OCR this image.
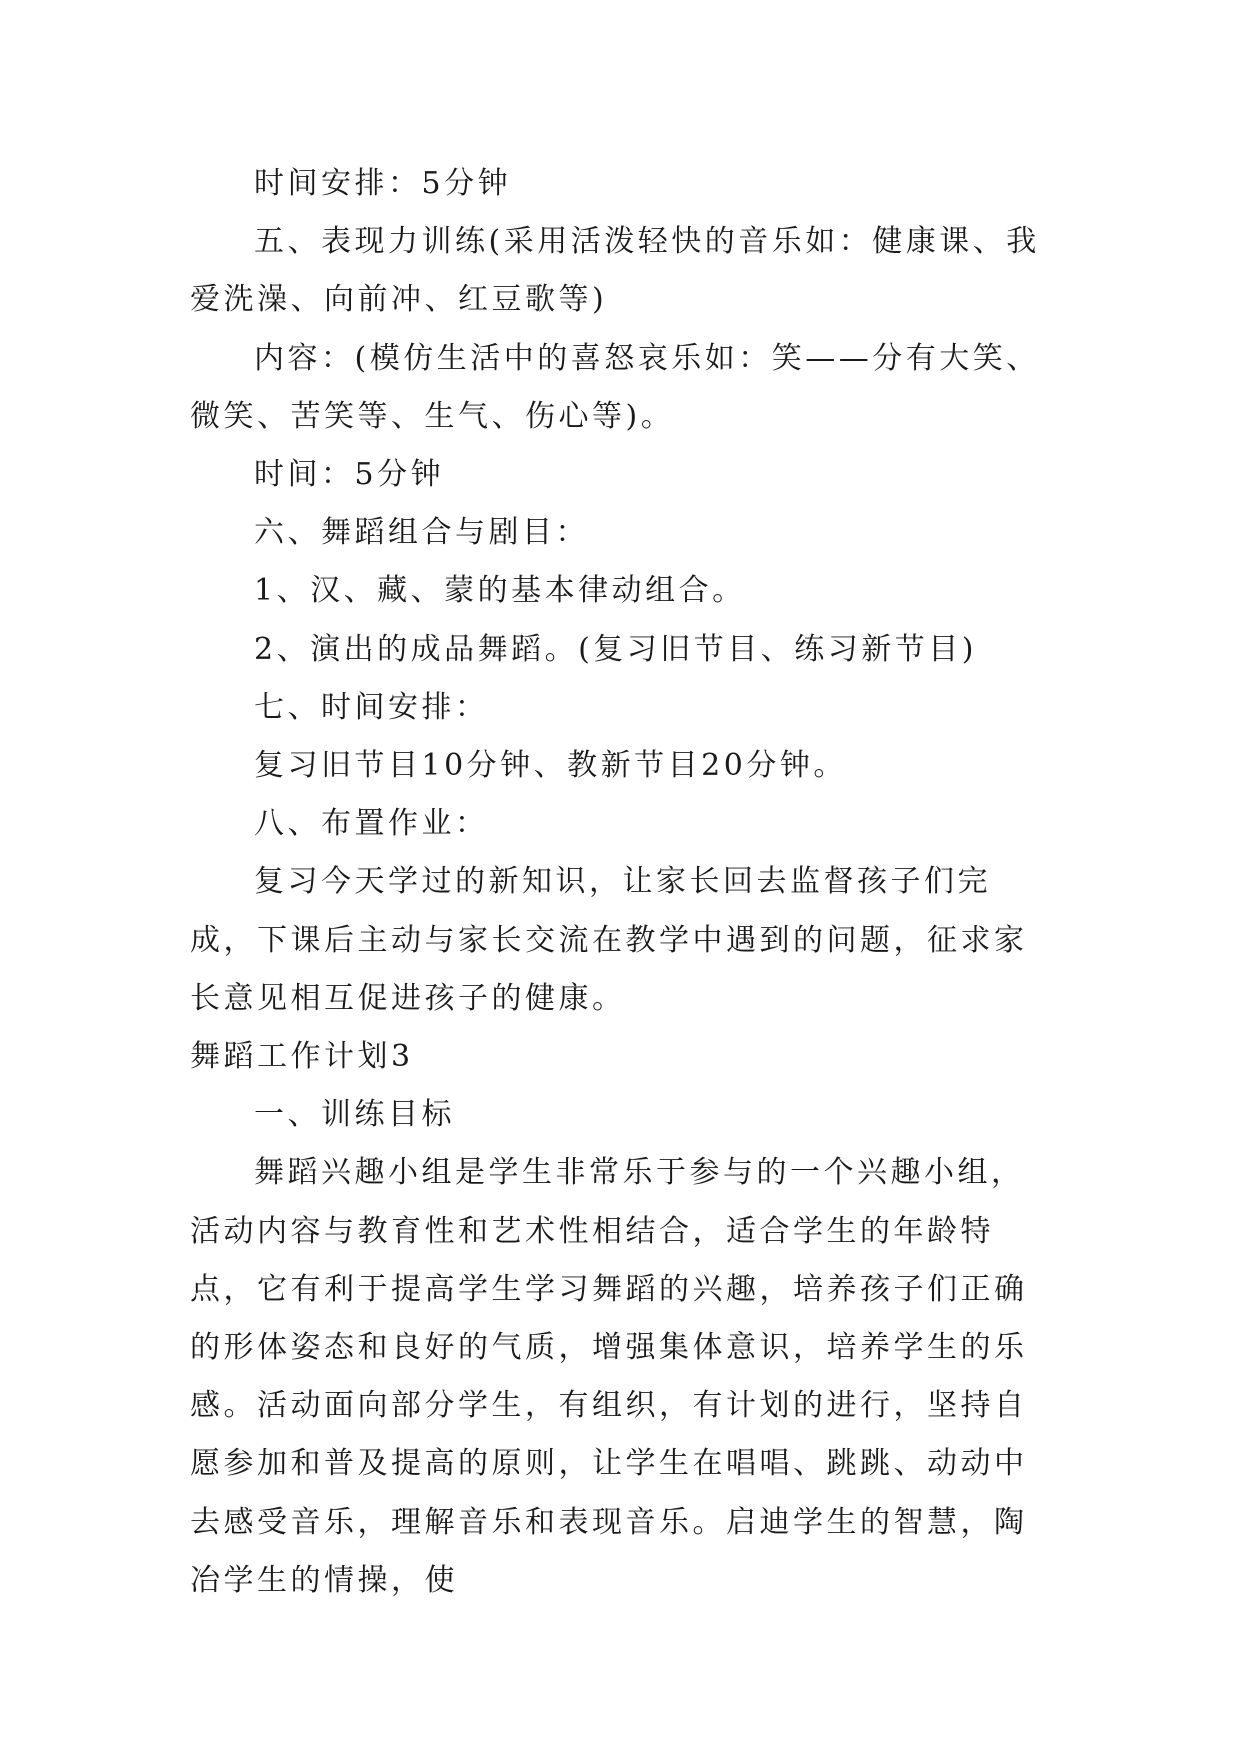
时间安排：5分钟

五、表现力训练(采用活泼轻快的音乐如：健康课、我爱洗澡、向前冲、红豆歌等)

内容：(模仿生活中的喜怒哀乐如：笑——分有大笑、微笑、苦笑等、生气、伤心等)。

时间：5分钟

六、舞蹈组合与剧目：

1、汉、藏、蒙的基本律动组合。

2、演出的成品舞蹈。(复习旧节目、练习新节目)

七、时间安排：

复习旧节目10分钟、教新节目20分钟。

八、布置作业：

复习今天学过的新知识，让家长回去监督孩子们完成，下课后主动与家长交流在教学中遇到的问题，征求家长意见相互促进孩子的健康。

舞蹈工作计划3

一、训练目标

舞蹈兴趣小组是学生非常乐于参与的一个兴趣小组，活动内容与教育性和艺术性相结合，适合学生的年龄特点，它有利于提高学生学习舞蹈的兴趣，培养孩子们正确的形体姿态和良好的气质，增强集体意识，培养学生的乐感。活动面向部分学生，有组织，有计划的进行，坚持自愿参加和普及提高的原则，让学生在唱唱、跳跳、动动中去感受音乐，理解音乐和表现音乐。启迪学生的智慧，陶冶学生的情操，使
